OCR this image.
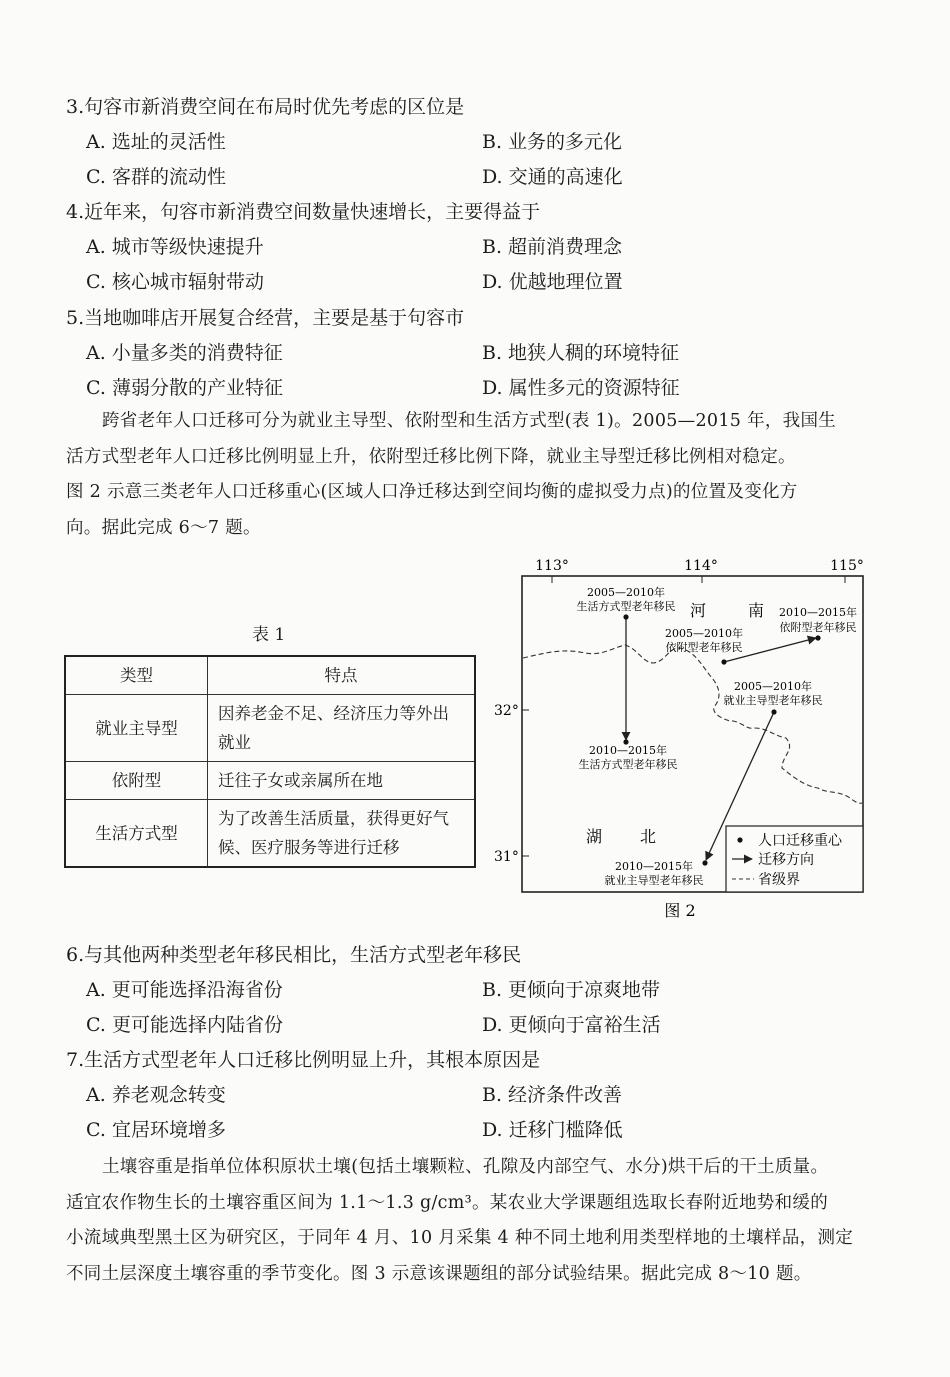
3.句容市新消费空间在布局时优先考虑的区位是
A. 选址的灵活性	B. 业务的多元化
C. 客群的流动性	D. 交通的高速化
4.近年来，句容市新消费空间数量快速增长，主要得益于
A. 城市等级快速提升	B. 超前消费理念
C. 核心城市辐射带动	D. 优越地理位置
5.当地咖啡店开展复合经营，主要是基于句容市
A. 小量多类的消费特征	B. 地狭人稠的环境特征
C. 薄弱分散的产业特征	D. 属性多元的资源特征
跨省老年人口迁移可分为就业主导型、依附型和生活方式型(表 1)。2005—2015 年，我国生
活方式型老年人口迁移比例明显上升，依附型迁移比例下降，就业主导型迁移比例相对稳定。
图 2 示意三类老年人口迁移重心(区域人口净迁移达到空间均衡的虚拟受力点)的位置及变化方
向。据此完成 6～7 题。
表 1
类型	特点
就业主导型	因养老金不足、经济压力等外出
就业

依附型	迁往子女或亲属所在地

生活方式型	为了改善生活质量，获得更好气
候、医疗服务等进行迁移
113°	114°	115°
32°
31°
河	南
湖 北
2005—2010年
生活方式型老年移民
2010—2015年
生活方式型老年移民
2005—2010年
依附型老年移民
2010—2015年
依附型老年移民
2005—2010年
就业主导型老年移民
2010—2015年
就业主导型老年移民
人口迁移重心
迁移方向
省级界
图 2
6.与其他两种类型老年移民相比，生活方式型老年移民
A. 更可能选择沿海省份	B. 更倾向于凉爽地带
C. 更可能选择内陆省份	D. 更倾向于富裕生活
7.生活方式型老年人口迁移比例明显上升，其根本原因是
A. 养老观念转变	B. 经济条件改善
C. 宜居环境增多	D. 迁移门槛降低
土壤容重是指单位体积原状土壤(包括土壤颗粒、孔隙及内部空气、水分)烘干后的干土质量。
适宜农作物生长的土壤容重区间为 1.1～1.3 g/cm³。某农业大学课题组选取长春附近地势和缓的
小流域典型黑土区为研究区，于同年 4 月、10 月采集 4 种不同土地利用类型样地的土壤样品，测定
不同土层深度土壤容重的季节变化。图 3 示意该课题组的部分试验结果。据此完成 8～10 题。
